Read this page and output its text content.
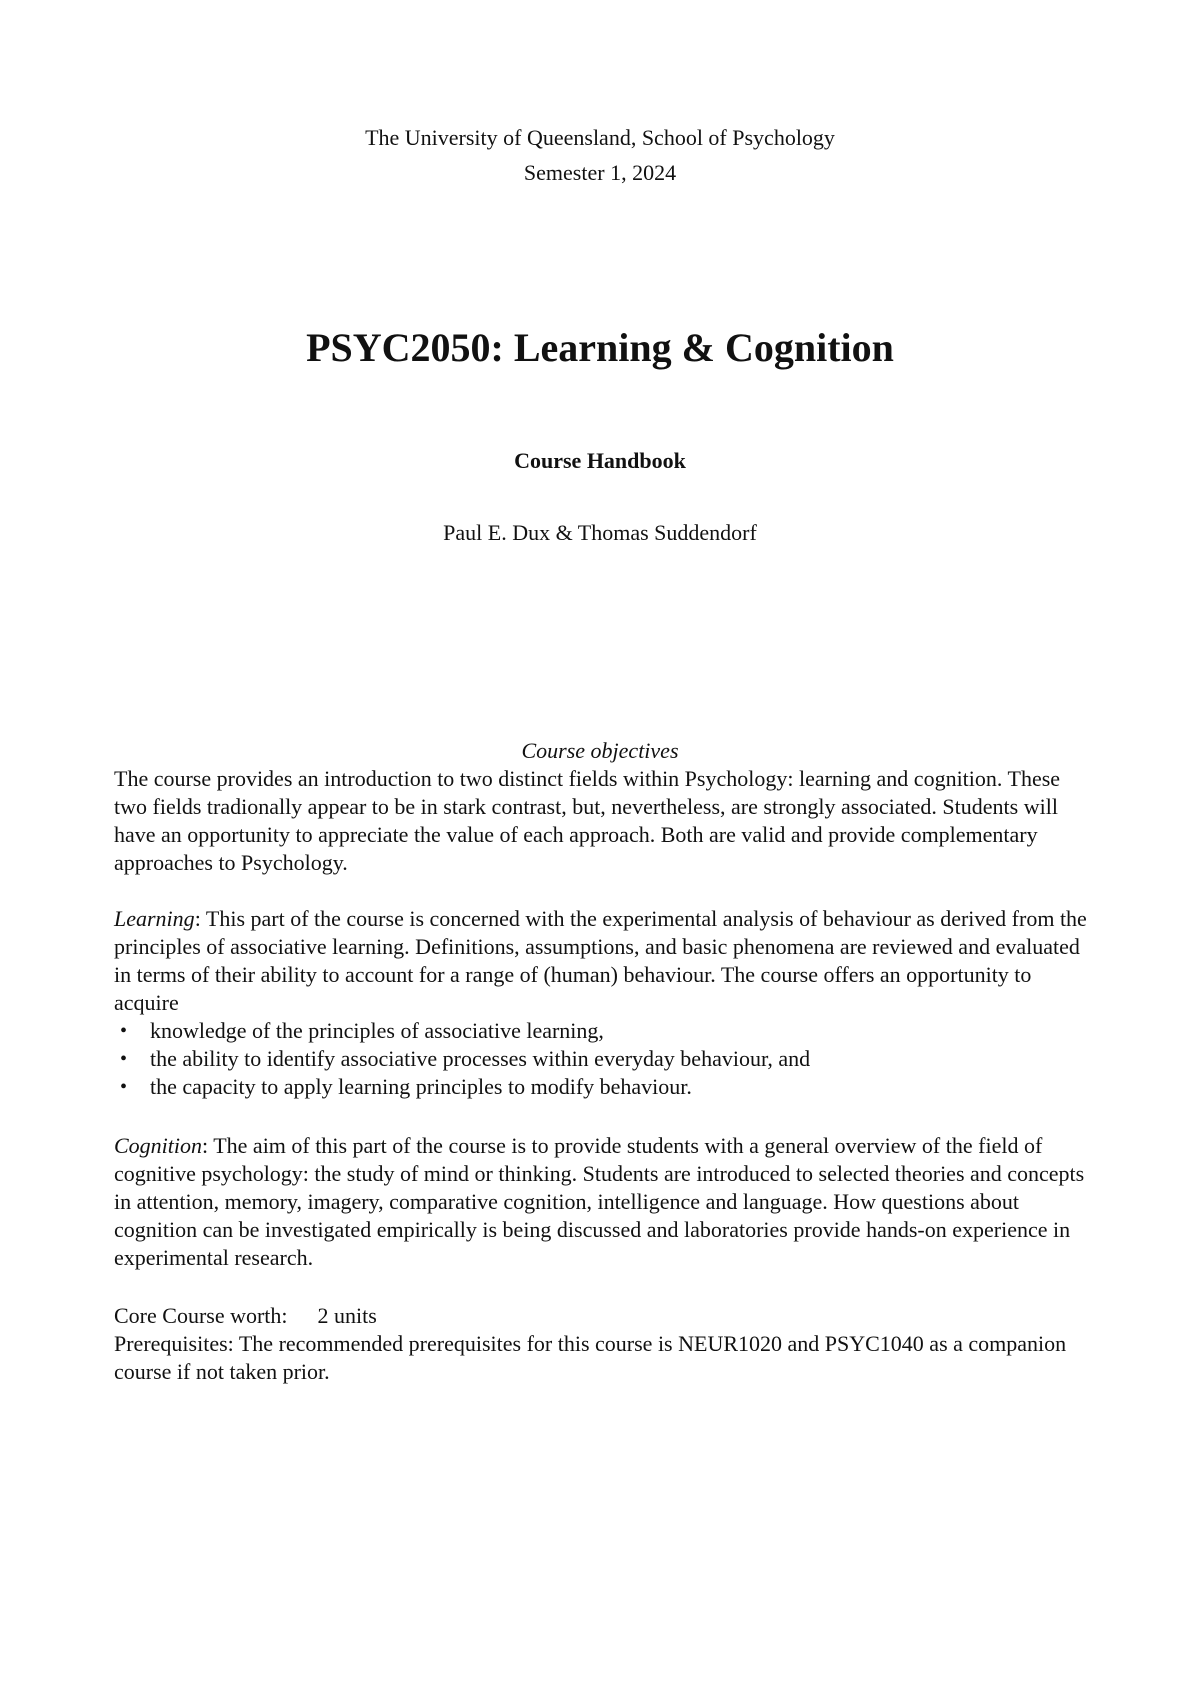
The University of Queensland, School of Psychology
Semester 1, 2024
PSYC2050: Learning & Cognition
Course Handbook
Paul E. Dux & Thomas Suddendorf
Course objectives

The course provides an introduction to two distinct fields within Psychology: learning and cognition. These two fields tradionally appear to be in stark contrast, but, nevertheless, are strongly associated. Students will have an opportunity to appreciate the value of each approach. Both are valid and provide complementary approaches to Psychology.

Learning: This part of the course is concerned with the experimental analysis of behaviour as derived from the principles of associative learning. Definitions, assumptions, and basic phenomena are reviewed and evaluated in terms of their ability to account for a range of (human) behaviour. The course offers an opportunity to acquire

• knowledge of the principles of associative learning,
• the ability to identify associative processes within everyday behaviour, and
• the capacity to apply learning principles to modify behaviour.

Cognition: The aim of this part of the course is to provide students with a general overview of the field of cognitive psychology: the study of mind or thinking. Students are introduced to selected theories and concepts in attention, memory, imagery, comparative cognition, intelligence and language. How questions about cognition can be investigated empirically is being discussed and laboratories provide hands-on experience in experimental research.

Core Course worth: 2 units

Prerequisites: The recommended prerequisites for this course is NEUR1020 and PSYC1040 as a companion course if not taken prior.
